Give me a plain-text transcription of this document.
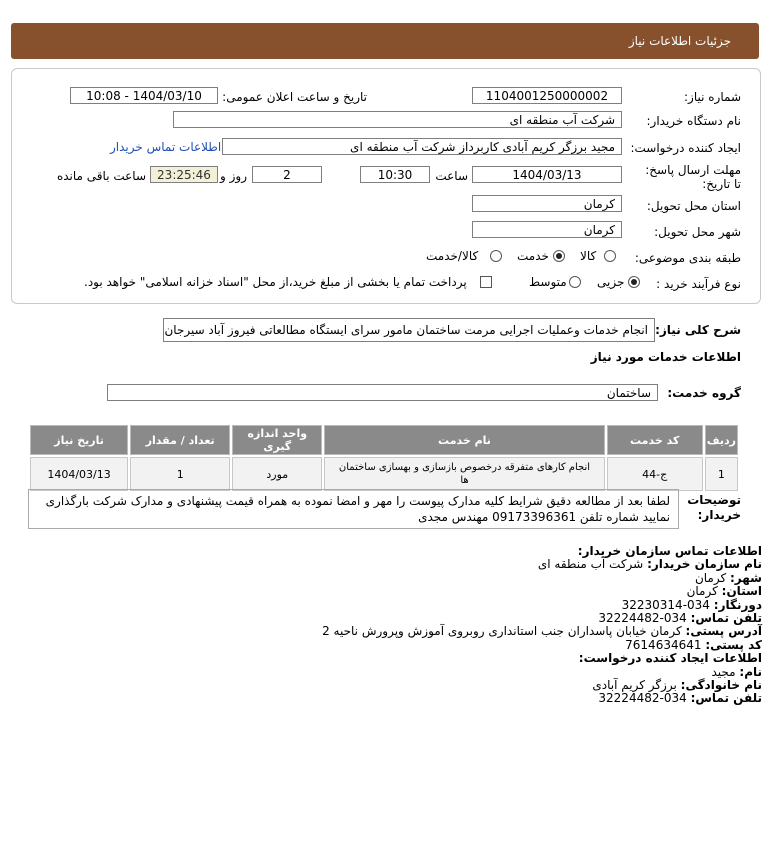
جزئیات اطلاعات نیاز
شماره نیاز:
1104001250000002
تاریخ و ساعت اعلان عمومی:
1404/03/10 - 10:08
نام دستگاه خریدار:
شرکت آب منطقه ای
ایجاد کننده درخواست:
مجید برزگر کریم آبادی کاربرداز شرکت آب منطقه ای
اطلاعات تماس خریدار
مهلت ارسال پاسخ: تا تاریخ:
1404/03/13
ساعت
10:30
2
روز و
23:25:46
ساعت باقی مانده
استان محل تحویل:
کرمان
شهر محل تحویل:
کرمان
طبقه بندی موضوعی:
کالا
خدمت
کالا/خدمت
نوع فرآیند خرید :
جزیی
متوسط
پرداخت تمام یا بخشی از مبلغ خرید،از محل "اسناد خزانه اسلامی" خواهد بود.
شرح کلی نیاز:
انجام خدمات وعملیات اجرایی مرمت ساختمان مامور سرای ایستگاه مطالعاتی فیروز آباد سیرجان
اطلاعات خدمات مورد نیاز
گروه خدمت:
ساختمان
ردیف	کد خدمت	نام خدمت	واحد اندازه گیری	تعداد / مقدار	تاریخ نیاز
1	ج-44	انجام کارهای متفرقه درخصوص بازسازی و بهسازی ساختمان ها	مورد	1	1404/03/13
توضیحات خریدار:
لطفا بعد از مطالعه دقیق شرایط کلیه مدارک پیوست را مهر و امضا نموده به همراه قیمت پیشنهادی و مدارک شرکت بارگذاری نمایید شماره تلفن 09173396361 مهندس مجدی
اطلاعات تماس سازمان خریدار:
نام سازمان خریدار: شرکت آب منطقه ای
شهر: کرمان
استان: کرمان
دورنگار: 034-32230314
تلفن تماس: 034-32224482
آدرس پستی: کرمان خیابان پاسداران جنب استانداری روبروی آموزش وپرورش ناحیه 2
کد پستی: 7614634641
اطلاعات ایجاد کننده درخواست:
نام: مجید
نام خانوادگی: برزگر کریم آبادی
تلفن تماس: 034-32224482
